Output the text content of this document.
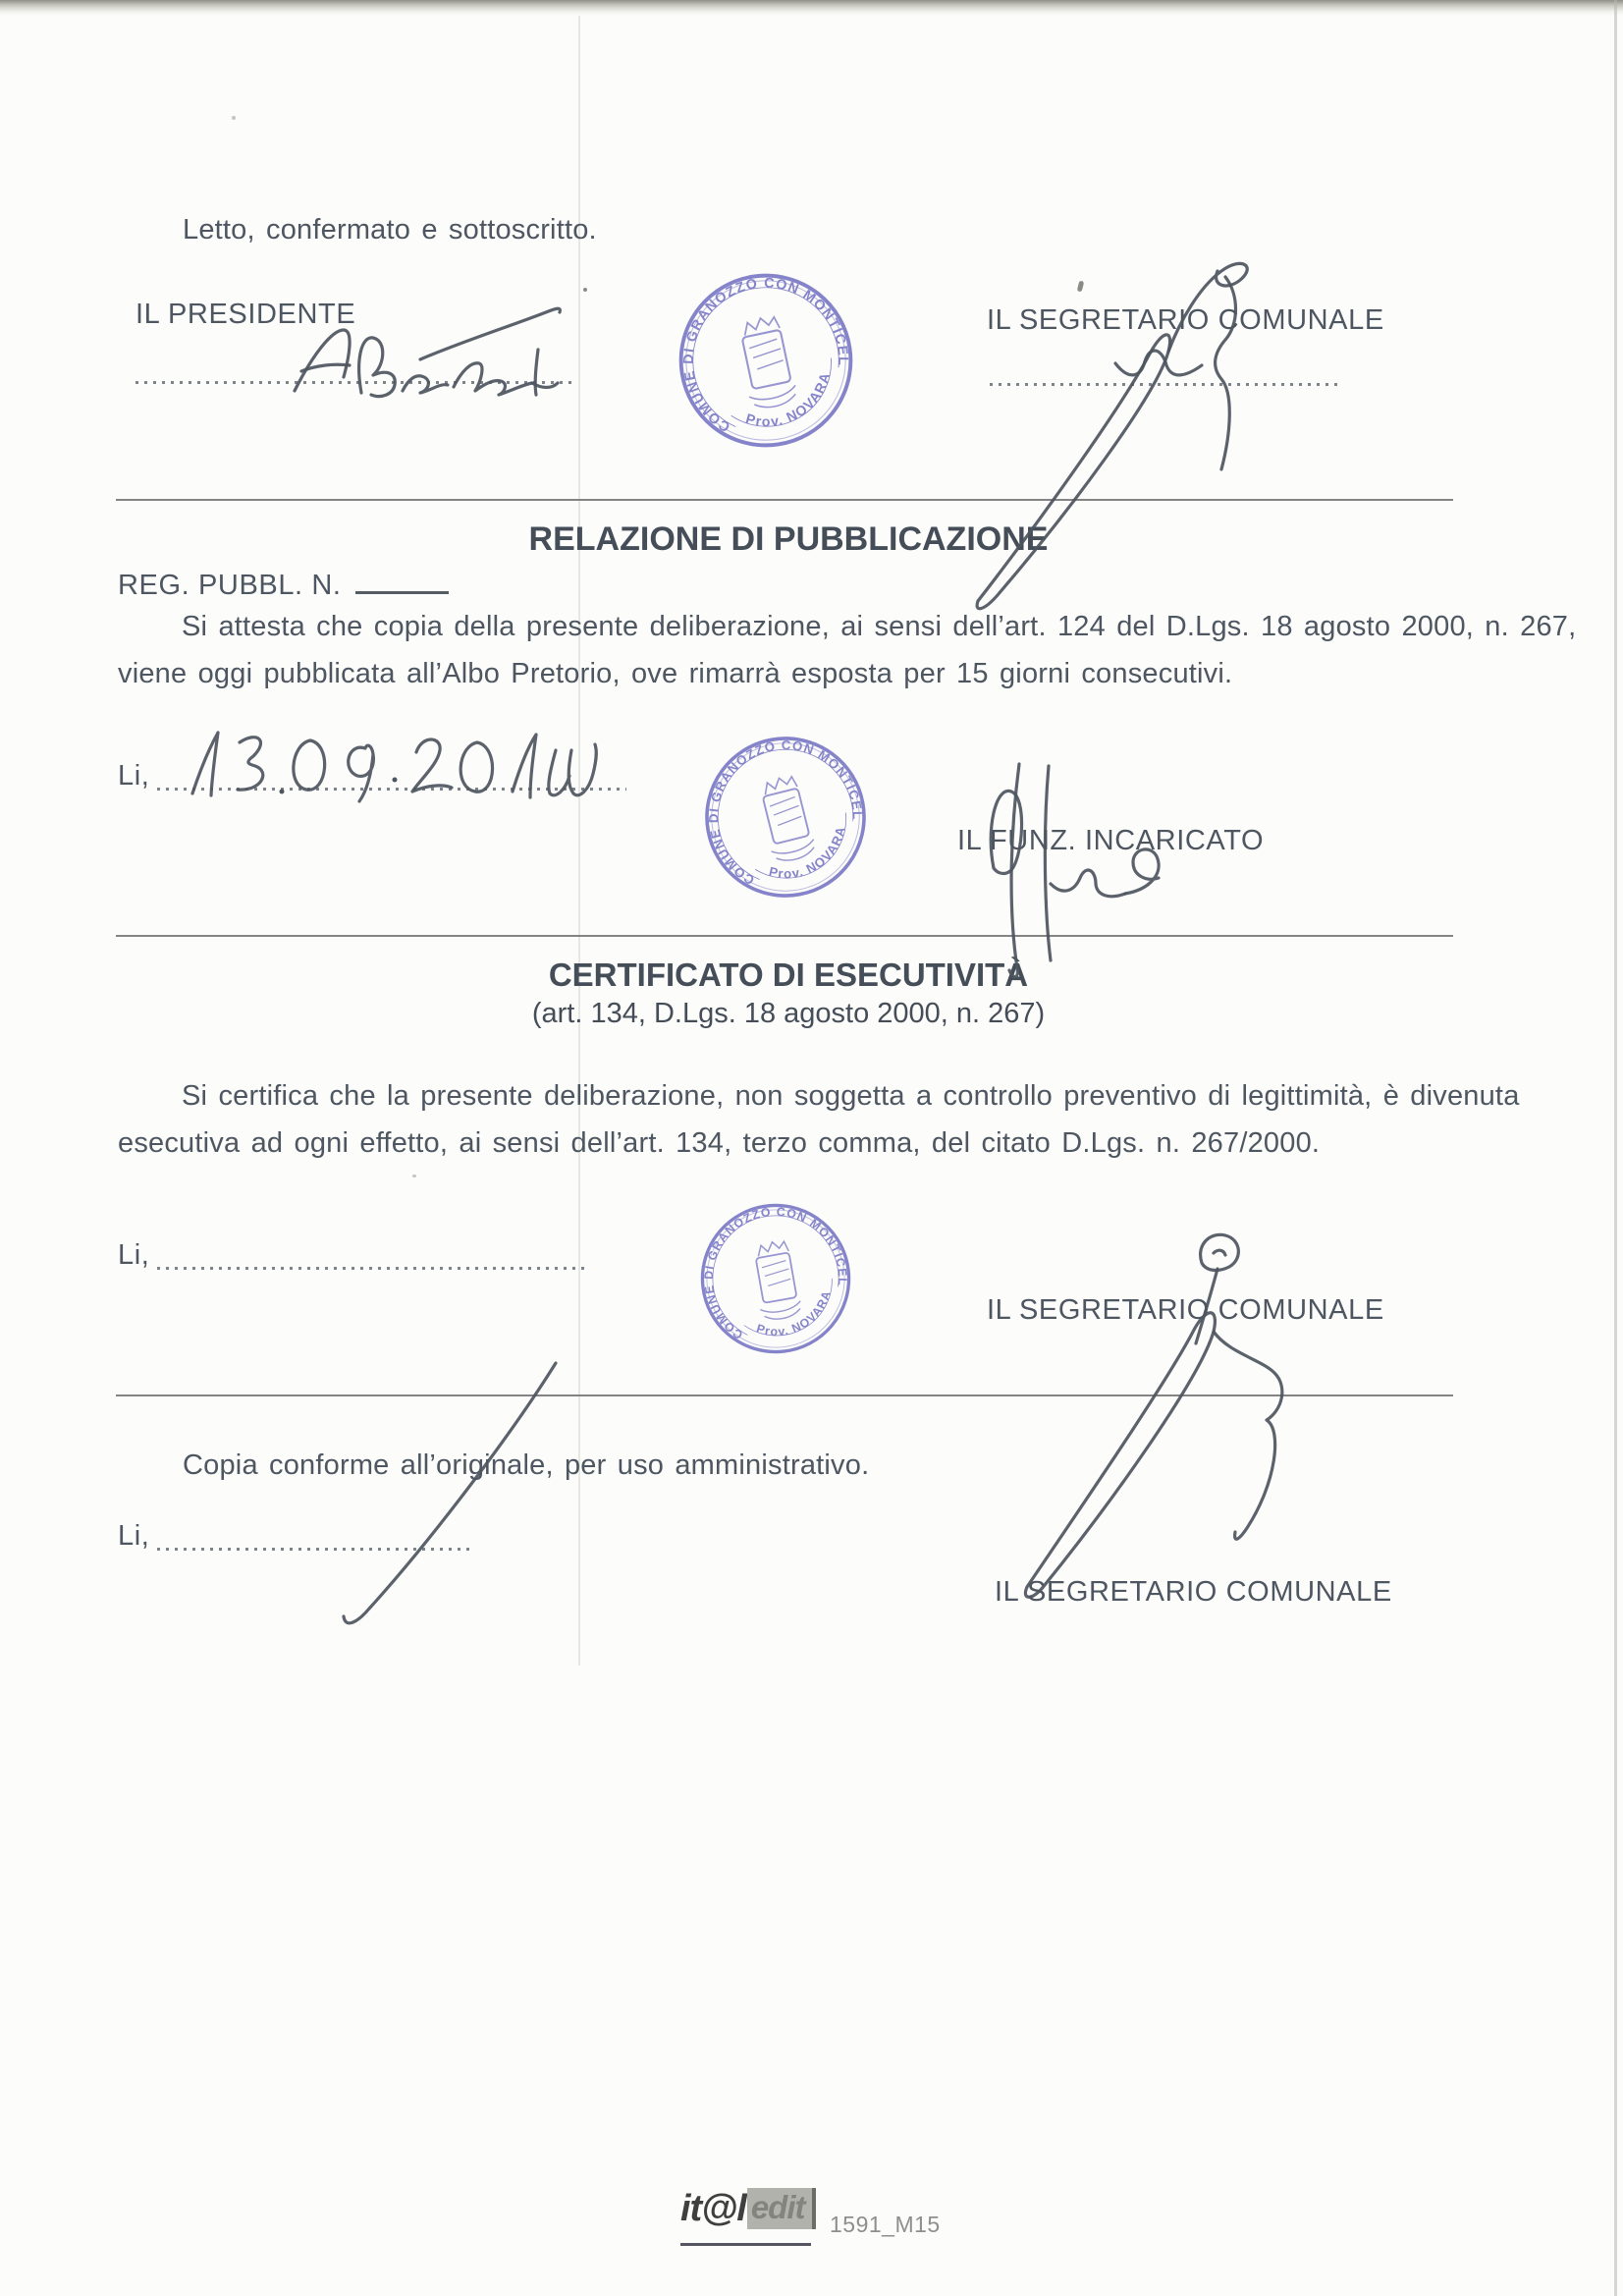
Letto, confermato e sottoscritto.
IL PRESIDENTE	IL SEGRETARIO COMUNALE
RELAZIONE DI PUBBLICAZIONE
REG. PUBBL. N.
Si attesta che copia della presente deliberazione, ai sensi dell’art. 124 del D.Lgs. 18 agosto 2000, n. 267,
viene oggi pubblicata all’Albo Pretorio, ove rimarrà esposta per 15 giorni consecutivi.
Li,
IL FUNZ. INCARICATO
CERTIFICATO DI ESECUTIVITÀ
(art. 134, D.Lgs. 18 agosto 2000, n. 267)
Si certifica che la presente deliberazione, non soggetta a controllo preventivo di legittimità, è divenuta
esecutiva ad ogni effetto, ai sensi dell’art. 134, terzo comma, del citato D.Lgs. n. 267/2000.
Li,
IL SEGRETARIO COMUNALE
Copia conforme all’originale, per uso amministrativo.
Li,
IL SEGRETARIO COMUNALE
COMUNE DI GRANOZZO CON MONTICELLO
Prov. NOVARA
COMUNE DI GRANOZZO CON MONTICELLO
Prov. NOVARA
COMUNE DI GRANOZZO CON MONTICELLO
Prov. NOVARA
it@l edit	1591_M15
